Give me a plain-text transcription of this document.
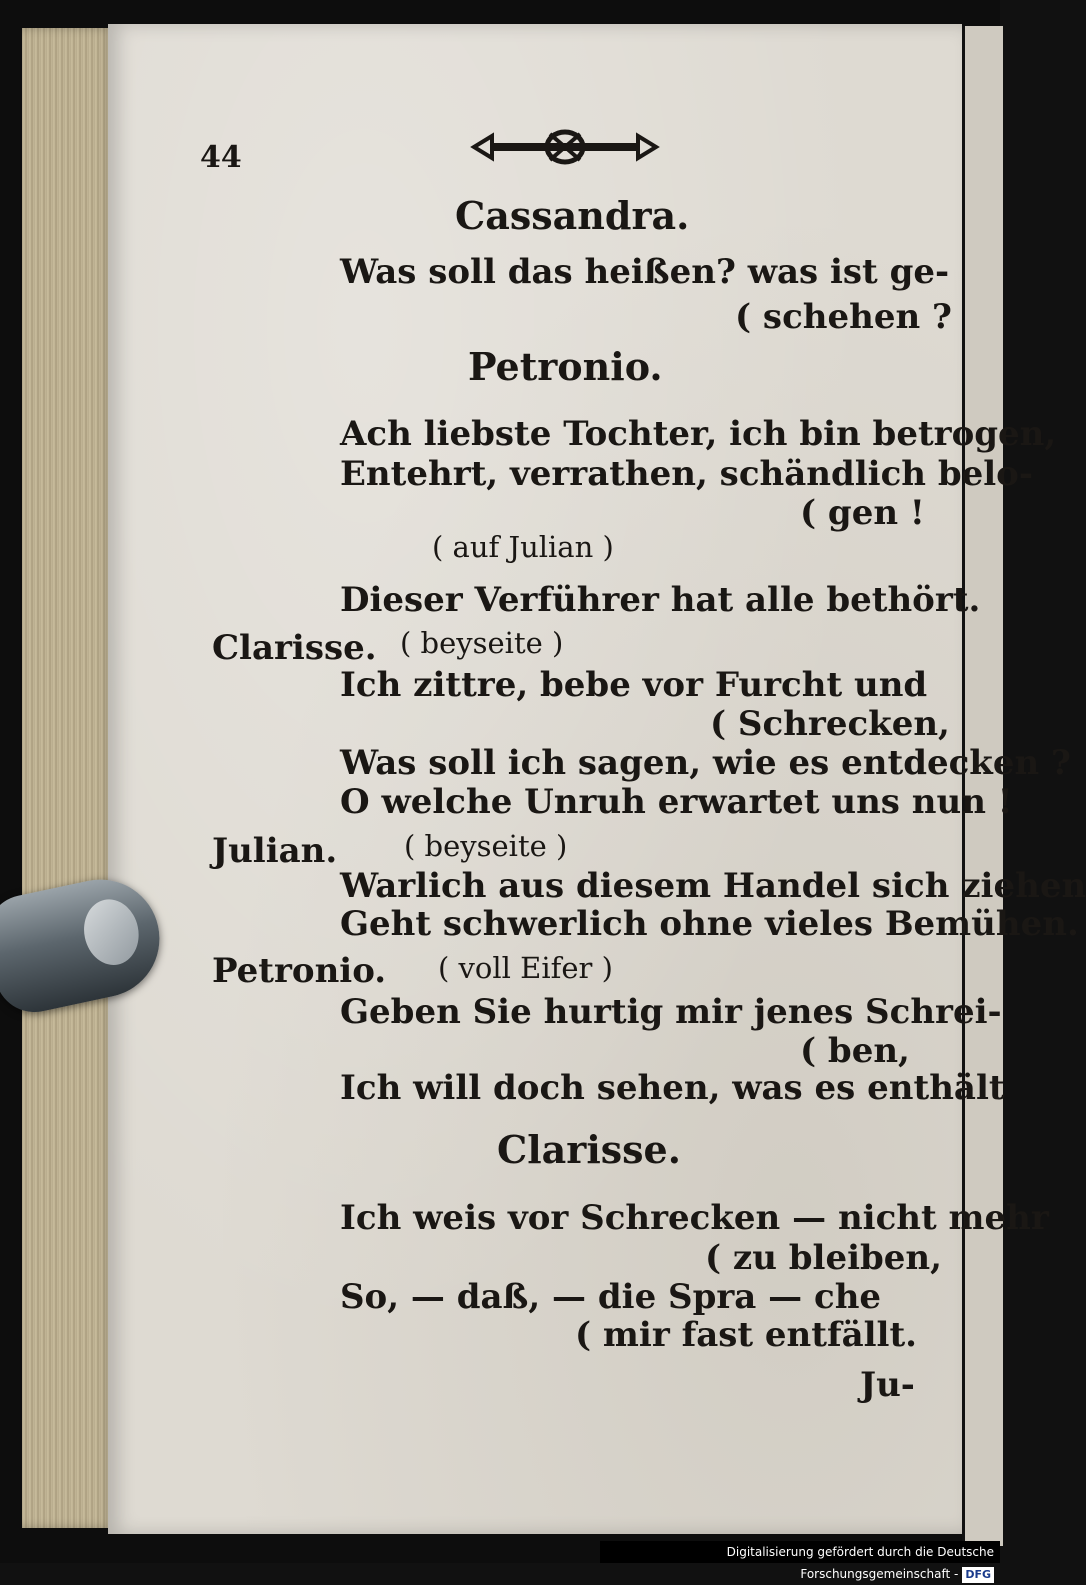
44
Cassandra.
Was soll das heißen? was ist ge-
( schehen ?
Petronio.
Ach liebste Tochter, ich bin betrogen,
Entehrt, verrathen, schändlich belo-
( gen !
( auf Julian )
Dieser Verführer hat alle bethört.
Clarisse. ( beyseite )
Ich zittre, bebe vor Furcht und
( Schrecken,
Was soll ich sagen, wie es entdecken ?
O welche Unruh erwartet uns nun !
Julian. ( beyseite )
Warlich aus diesem Handel sich ziehen
Geht schwerlich ohne vieles Bemühen.
Petronio. ( voll Eifer )
Geben Sie hurtig mir jenes Schrei-
( ben,
Ich will doch sehen, was es enthält
Clarisse.
Ich weis vor Schrecken — nicht mehr
( zu bleiben,
So, — daß, — die Spra — che
( mir fast entfällt.
Ju-
Digitalisierung gefördert durch die Deutsche Forschungsgemeinschaft - DFG
